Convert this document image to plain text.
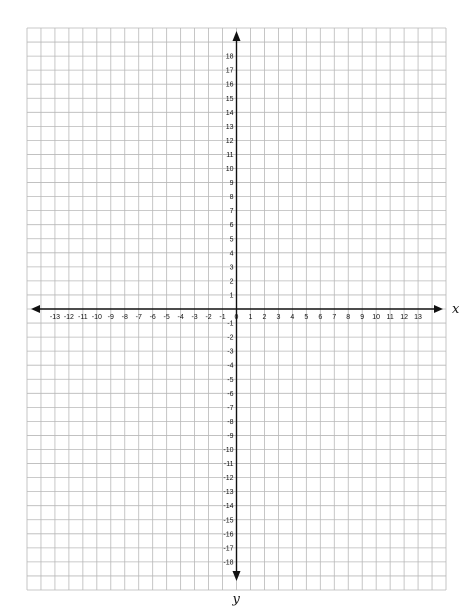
-13 -12 -11 -10 -9 -8 -7 -6 -5 -4 -3 -2 -1 0 1 2 3 4 5 6 7 8 9 10 11 12 13
18
17
16
15
14
13
12
11
10
9
8
7
6
5
4
3
2
1
-1
-2
-3
-4
-5
-6
-7
-8
-9
-10
-11
-12
-13
-14
-15
-16
-17
-18
x
y
